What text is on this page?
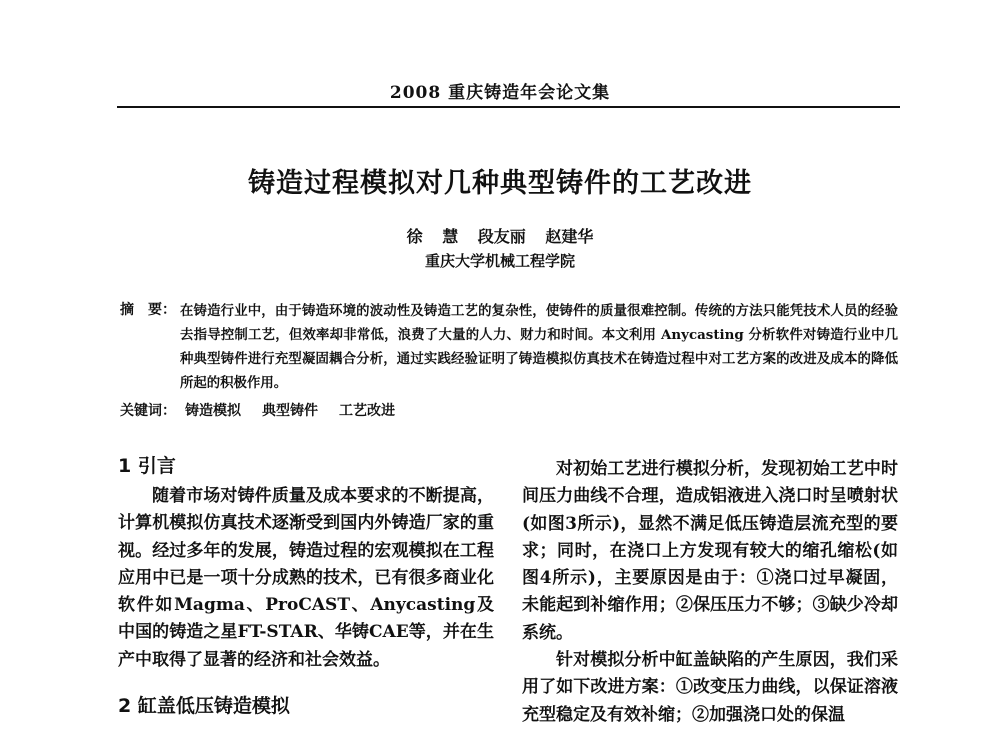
2008 重庆铸造年会论文集
铸造过程模拟对几种典型铸件的工艺改进
徐 慧 段友丽 赵建华
重庆大学机械工程学院
摘　要： 在铸造行业中，由于铸造环境的波动性及铸造工艺的复杂性，使铸件的质量很难控制。传统的方法只能凭技术人员的经验去指导控制工艺，但效率却非常低，浪费了大量的人力、财力和时间。本文利用 Anycasting 分析软件对铸造行业中几种典型铸件进行充型凝固耦合分析，通过实践经验证明了铸造模拟仿真技术在铸造过程中对工艺方案的改进及成本的降低所起的积极作用。
关键词： 铸造模拟 典型铸件 工艺改进
1 引言
随着市场对铸件质量及成本要求的不断提高，计算机模拟仿真技术逐渐受到国内外铸造厂家的重视。经过多年的发展，铸造过程的宏观模拟在工程应用中已是一项十分成熟的技术，已有很多商业化软件如Magma、ProCAST、Anycasting及中国的铸造之星FT-STAR、华铸CAE等，并在生产中取得了显著的经济和社会效益。
2 缸盖低压铸造模拟
对初始工艺进行模拟分析，发现初始工艺中时间压力曲线不合理，造成铝液进入浇口时呈喷射状(如图3所示)，显然不满足低压铸造层流充型的要求；同时，在浇口上方发现有较大的缩孔缩松(如图4所示)，主要原因是由于：①浇口过早凝固，未能起到补缩作用；②保压压力不够；③缺少冷却系统。
针对模拟分析中缸盖缺陷的产生原因，我们采用了如下改进方案：①改变压力曲线，以保证溶液充型稳定及有效补缩；②加强浇口处的保温
